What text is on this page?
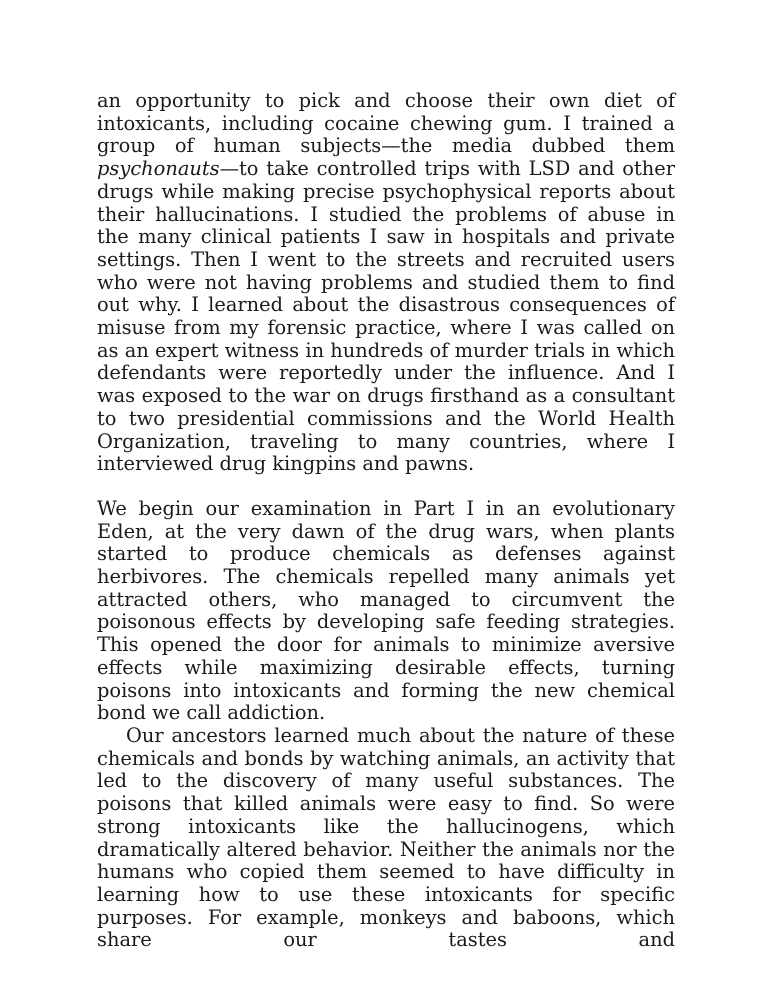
an opportunity to pick and choose their own diet of intoxicants, including cocaine chewing gum. I trained a group of human subjects—the media dubbed them psychonauts—to take controlled trips with LSD and other drugs while making precise psychophysical reports about their hallucinations. I studied the problems of abuse in the many clinical patients I saw in hospitals and private settings. Then I went to the streets and recruited users who were not having problems and studied them to find out why. I learned about the disastrous consequences of misuse from my forensic practice, where I was called on as an expert witness in hundreds of murder trials in which defendants were reportedly under the influence. And I was exposed to the war on drugs firsthand as a consultant to two presidential commissions and the World Health Organization, traveling to many countries, where I interviewed drug kingpins and pawns.

We begin our examination in Part I in an evolutionary Eden, at the very dawn of the drug wars, when plants started to produce chemicals as defenses against herbivores. The chemicals repelled many animals yet attracted others, who managed to circumvent the poisonous effects by developing safe feeding strategies. This opened the door for animals to minimize aversive effects while maximizing desirable effects, turning poisons into intoxicants and forming the new chemical bond we call addiction.

Our ancestors learned much about the nature of these chemicals and bonds by watching animals, an activity that led to the discovery of many useful substances. The poisons that killed animals were easy to find. So were strong intoxicants like the hallucinogens, which dramatically altered behavior. Neither the animals nor the humans who copied them seemed to have difficulty in learning how to use these intoxicants for specific purposes. For example, monkeys and baboons, which share our tastes and
